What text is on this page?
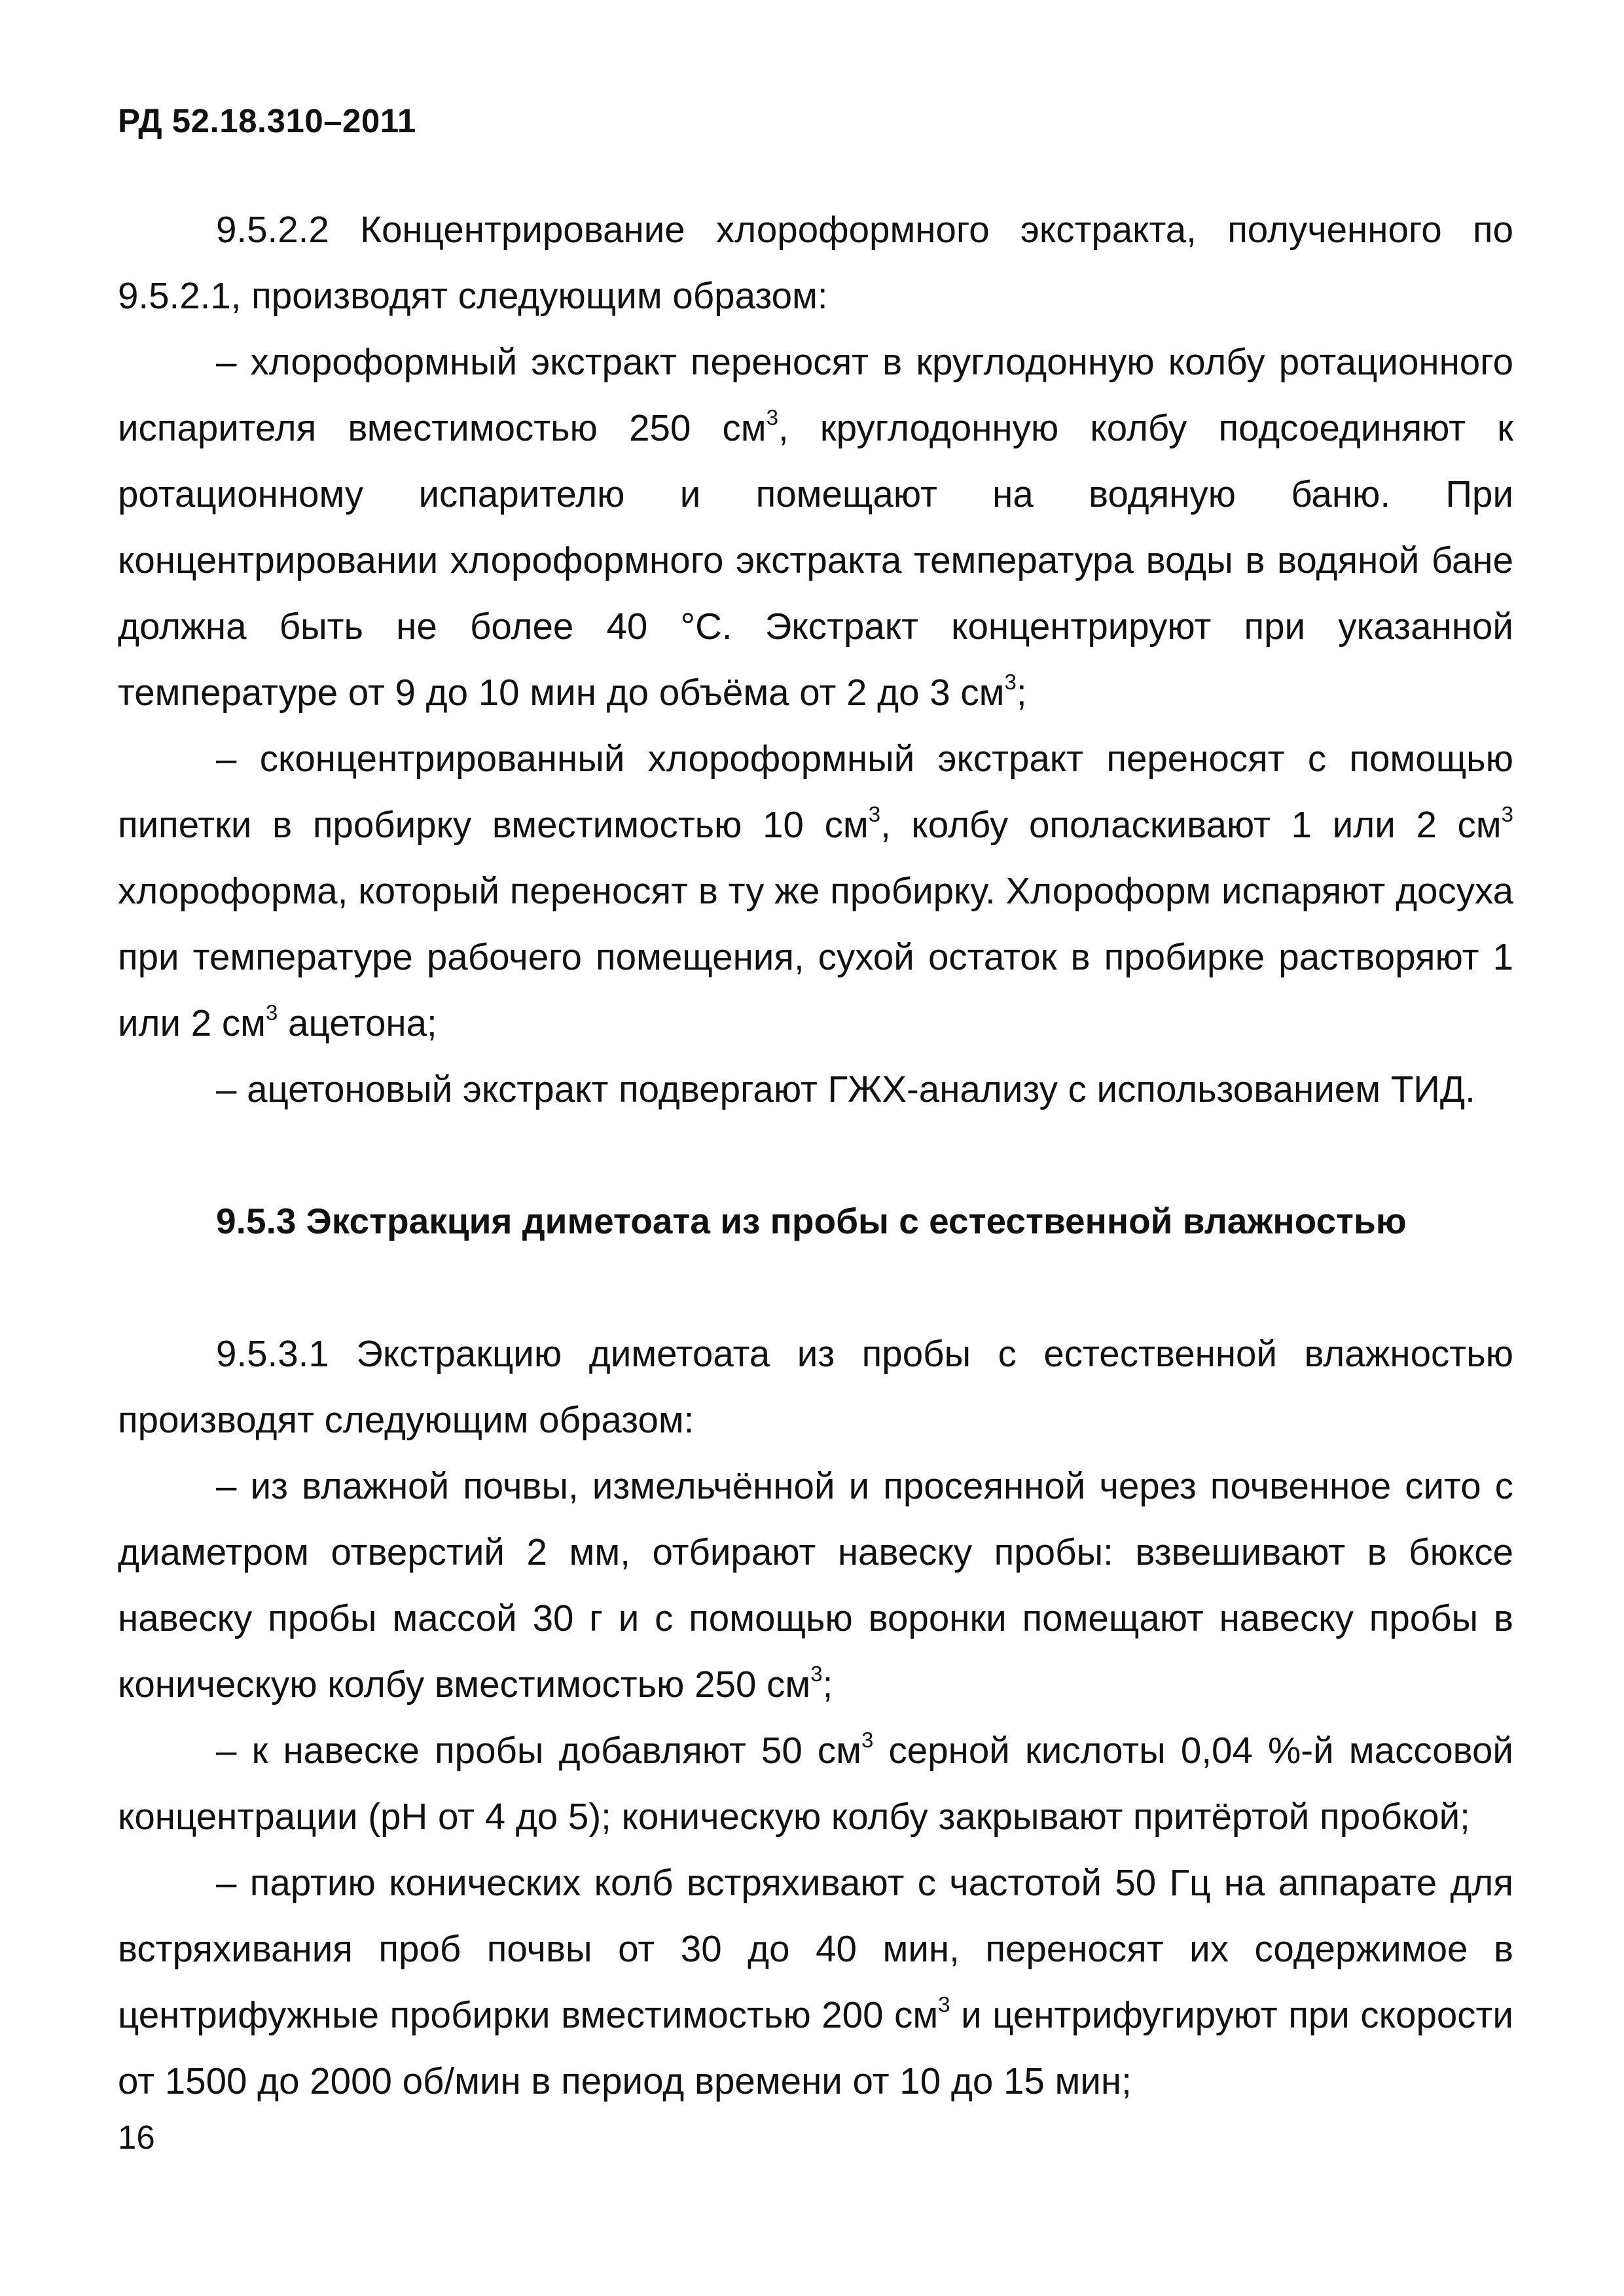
РД 52.18.310–2011

9.5.2.2 Концентрирование хлороформного экстракта, полученного по 9.5.2.1, производят следующим образом:

– хлороформный экстракт переносят в круглодонную колбу ротационного испарителя вместимостью 250 $см^3$, круглодонную колбу подсоединяют к ротационному испарителю и помещают на водяную баню. При концентрировании хлороформного экстракта температура воды в водяной бане должна быть не более 40 °С. Экстракт концентрируют при указанной температуре от 9 до 10 мин до объёма от 2 до 3 $см^3$;

– сконцентрированный хлороформный экстракт переносят с помощью пипетки в пробирку вместимостью 10 $см^3$, колбу ополаскивают 1 или 2 $см^3$ хлороформа, который переносят в ту же пробирку. Хлороформ испаряют досуха при температуре рабочего помещения, сухой остаток в пробирке растворяют 1 или 2 $см^3$ ацетона;

– ацетоновый экстракт подвергают ГЖХ-анализу с использованием ТИД.

9.5.3 Экстракция диметоата из пробы с естественной влажностью

9.5.3.1 Экстракцию диметоата из пробы с естественной влажностью производят следующим образом:

– из влажной почвы, измельчённой и просеянной через почвенное сито с диаметром отверстий 2 мм, отбирают навеску пробы: взвешивают в бюксе навеску пробы массой 30 г и с помощью воронки помещают навеску пробы в коническую колбу вместимостью 250 $см^3$;

– к навеске пробы добавляют 50 $см^3$ серной кислоты 0,04 %-й массовой концентрации (рН от 4 до 5); коническую колбу закрывают притёртой пробкой;

– партию конических колб встряхивают с частотой 50 Гц на аппарате для встряхивания проб почвы от 30 до 40 мин, переносят их содержимое в центрифужные пробирки вместимостью 200 $см^3$ и центрифугируют при скорости от 1500 до 2000 об/мин в период времени от 10 до 15 мин;

16
